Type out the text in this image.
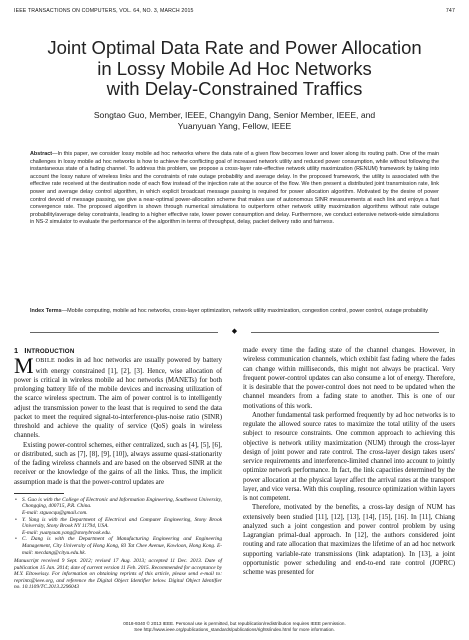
IEEE TRANSACTIONS ON COMPUTERS, VOL. 64, NO. 3, MARCH 2015	747
Joint Optimal Data Rate and Power Allocation
in Lossy Mobile Ad Hoc Networks
with Delay-Constrained Traffics
Songtao Guo, Member, IEEE, Changyin Dang, Senior Member, IEEE, and
Yuanyuan Yang, Fellow, IEEE
Abstract—In this paper, we consider lossy mobile ad hoc networks where the data rate of a given flow becomes lower and lower along its routing path. One of the main challenges in lossy mobile ad hoc networks is how to achieve the conflicting goal of increased network utility and reduced power consumption, while without following the instantaneous state of a fading channel. To address this problem, we propose a cross-layer rate-effective network utility maximization (RENUM) framework by taking into account the lossy nature of wireless links and the constraints of rate outage probability and average delay. In the proposed framework, the utility is associated with the effective rate received at the destination node of each flow instead of the injection rate at the source of the flow. We then present a distributed joint transmission rate, link power and average delay control algorithm, in which explicit broadcast message passing is required for power allocation algorithm. Motivated by the desire of power control devoid of message passing, we give a near-optimal power-allocation scheme that makes use of autonomous SINR measurements at each link and enjoys a fast convergence rate. The proposed algorithm is shown through numerical simulations to outperform other network utility maximization algorithms without rate outage probability/average delay constraints, leading to a higher effective rate, lower power consumption and delay. Furthermore, we conduct extensive network-wide simulations in NS-2 simulator to evaluate the performance of the algorithm in terms of throughput, delay, packet delivery ratio and fairness.
Index Terms—Mobile computing, mobile ad hoc networks, cross-layer optimization, network utility maximization, congestion control, power control, outage probability
◆

1 INTRODUCTION

MOBILE nodes in ad hoc networks are usually powered by battery with energy constrained [1], [2], [3]. Hence, wise allocation of power is critical in wireless mobile ad hoc networks (MANETs) for both prolonging battery life of the mobile devices and increasing utilization of the scarce wireless spectrum. The aim of power control is to intelligently adjust the transmission power to the least that is required to send the data packet to meet the required signal-to-interference-plus-noise ratio (SINR) threshold and achieve the quality of service (QoS) goals in wireless channels.

Existing power-control schemes, either centralized, such as [4], [5], [6], or distributed, such as [7], [8], [9], [10]), always assume quasi-stationarity of the fading wireless channels and are based on the observed SINR at the receiver or the knowledge of the gains of all the links. Thus, the implicit assumption made is that the power-control updates are

• S. Guo is with the College of Electronic and Information Engineering, Southwest University, Chongqing, 400715, P.R. China.
E-mail: stguocqu@gmail.com.
• Y. Yang is with the Department of Electrical and Computer Engineering, Stony Brook University, Stony Brook NY 11794, USA.
E-mail: yuanyuan.yang@stonybrook.edu.
• C. Dang is with the Department of Manufacturing Engineering and Engineering Management, City University of Hong Kong, 83 Tat Chee Avenue, Kowloon, Hong Kong. E-mail: mecdang@cityu.edu.hk.
Manuscript received 9 Sept. 2012; revised 17 Aug. 2013; accepted 11 Dec. 2013. Date of publication 15 Jan. 2014; date of current version 11 Feb. 2015. Recommended for acceptance by M.Y. Eltoweissy. For information on obtaining reprints of this article, please send e-mail to: reprints@ieee.org, and reference the Digital Object Identifier below. Digital Object Identifier no. 10.1109/TC.2013.2296043

made every time the fading state of the channel changes. However, in wireless communication channels, which exhibit fast fading where the fades can change within milliseconds, this might not always be practical. Very frequent power-control updates can also consume a lot of energy. Therefore, it is desirable that the power-control does not need to be updated when the channel meanders from a fading state to another. This is one of our motivations of this work.

Another fundamental task performed frequently by ad hoc networks is to regulate the allowed source rates to maximize the total utility of the users subject to resource constraints. One common approach to achieving this objective is network utility maximization (NUM) through the cross-layer design of joint power and rate control. The cross-layer design takes users' service requirements and interference-limited channel into account to jointly optimize network performance. In fact, the link capacities determined by the power allocation at the physical layer affect the arrival rates at the transport layer, and vice versa. With this coupling, resource optimization within layers is not competent.

Therefore, motivated by the benefits, a cross-lay design of NUM has extensively been studied [11], [12], [13], [14], [15], [16]. In [11], Chiang analyzed such a joint congestion and power control problem by using Lagrangian primal-dual approach. In [12], the authors considered joint routing and rate allocation that maximizes the lifetime of an ad hoc network supporting variable-rate transmissions (link adaptation). In [13], a joint opportunistic power scheduling and end-to-end rate control (JOPRC) scheme was presented for

0018-9340 © 2013 IEEE. Personal use is permitted, but republication/redistribution requires IEEE permission.
See http://www.ieee.org/publications_standards/publications/rights/index.html for more information.
